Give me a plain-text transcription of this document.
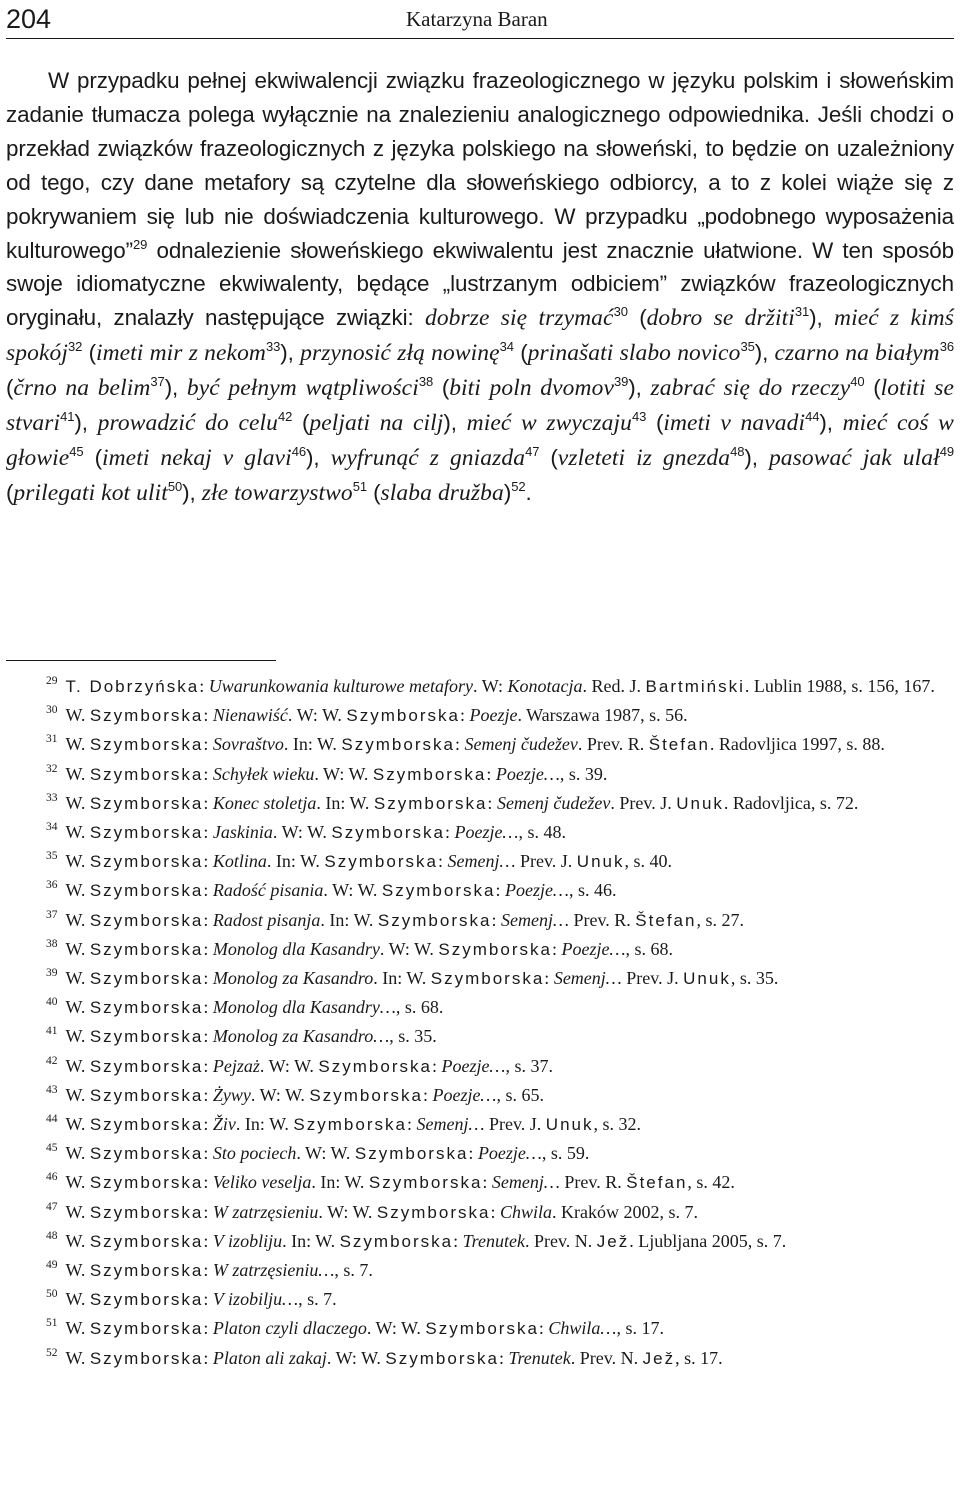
204	Katarzyna Baran

W przypadku pełnej ekwiwalencji związku frazeologicznego w języku polskim i słoweńskim zadanie tłumacza polega wyłącznie na znalezieniu analogicznego odpowiednika. Jeśli chodzi o przekład związków frazeologicznych z języka polskiego na słoweński, to będzie on uzależniony od tego, czy dane metafory są czytelne dla słoweńskiego odbiorcy, a to z kolei wiąże się z pokrywaniem się lub nie doświadczenia kulturowego. W przypadku „podobnego wyposażenia kulturowego”$^{29}$ odnalezienie słoweńskiego ekwiwalentu jest znacznie ułatwione. W ten sposób swoje idiomatyczne ekwiwalenty, będące „lustrzanym odbiciem” związków frazeologicznych oryginału, znalazły następujące związki: dobrze się trzymać$^{30}$ (dobro se držiti$^{31}$), mieć z kimś spokój$^{32}$ (imeti mir z nekom$^{33}$), przynosić złą nowinę$^{34}$ (prinašati slabo novico$^{35}$), czarno na białym$^{36}$ (črno na belim$^{37}$), być pełnym wątpliwości$^{38}$ (biti poln dvomov$^{39}$), zabrać się do rzeczy$^{40}$ (lotiti se stvari$^{41}$), prowadzić do celu$^{42}$ (peljati na cilj), mieć w zwyczaju$^{43}$ (imeti v navadi$^{44}$), mieć coś w głowie$^{45}$ (imeti nekaj v glavi$^{46}$), wyfrunąć z gniazda$^{47}$ (vzleteti iz gnezda$^{48}$), pasować jak ulał$^{49}$ (prilegati kot ulit$^{50}$), złe towarzystwo$^{51}$ (slaba družba)$^{52}$.

$^{29}$ T. Dobrzyńska: Uwarunkowania kulturowe metafory. W: Konotacja. Red. J. Bartmiński. Lublin 1988, s. 156, 167.

$^{30}$ W. Szymborska: Nienawiść. W: W. Szymborska: Poezje. Warszawa 1987, s. 56.

$^{31}$ W. Szymborska: Sovraštvo. In: W. Szymborska: Semenj čudežev. Prev. R. Štefan. Radovljica 1997, s. 88.

$^{32}$ W. Szymborska: Schyłek wieku. W: W. Szymborska: Poezje…, s. 39.

$^{33}$ W. Szymborska: Konec stoletja. In: W. Szymborska: Semenj čudežev. Prev. J. Unuk. Radovljica, s. 72.

$^{34}$ W. Szymborska: Jaskinia. W: W. Szymborska: Poezje…, s. 48.

$^{35}$ W. Szymborska: Kotlina. In: W. Szymborska: Semenj… Prev. J. Unuk, s. 40.

$^{36}$ W. Szymborska: Radość pisania. W: W. Szymborska: Poezje…, s. 46.

$^{37}$ W. Szymborska: Radost pisanja. In: W. Szymborska: Semenj… Prev. R. Štefan, s. 27.

$^{38}$ W. Szymborska: Monolog dla Kasandry. W: W. Szymborska: Poezje…, s. 68.

$^{39}$ W. Szymborska: Monolog za Kasandro. In: W. Szymborska: Semenj… Prev. J. Unuk, s. 35.

$^{40}$ W. Szymborska: Monolog dla Kasandry…, s. 68.

$^{41}$ W. Szymborska: Monolog za Kasandro…, s. 35.

$^{42}$ W. Szymborska: Pejzaż. W: W. Szymborska: Poezje…, s. 37.

$^{43}$ W. Szymborska: Żywy. W: W. Szymborska: Poezje…, s. 65.

$^{44}$ W. Szymborska: Živ. In: W. Szymborska: Semenj… Prev. J. Unuk, s. 32.

$^{45}$ W. Szymborska: Sto pociech. W: W. Szymborska: Poezje…, s. 59.

$^{46}$ W. Szymborska: Veliko veselja. In: W. Szymborska: Semenj… Prev. R. Štefan, s. 42.

$^{47}$ W. Szymborska: W zatrzęsieniu. W: W. Szymborska: Chwila. Kraków 2002, s. 7.

$^{48}$ W. Szymborska: V izobliju. In: W. Szymborska: Trenutek. Prev. N. Jež. Ljubljana 2005, s. 7.

$^{49}$ W. Szymborska: W zatrzęsieniu…, s. 7.

$^{50}$ W. Szymborska: V izobilju…, s. 7.

$^{51}$ W. Szymborska: Platon czyli dlaczego. W: W. Szymborska: Chwila…, s. 17.

$^{52}$ W. Szymborska: Platon ali zakaj. W: W. Szymborska: Trenutek. Prev. N. Jež, s. 17.
